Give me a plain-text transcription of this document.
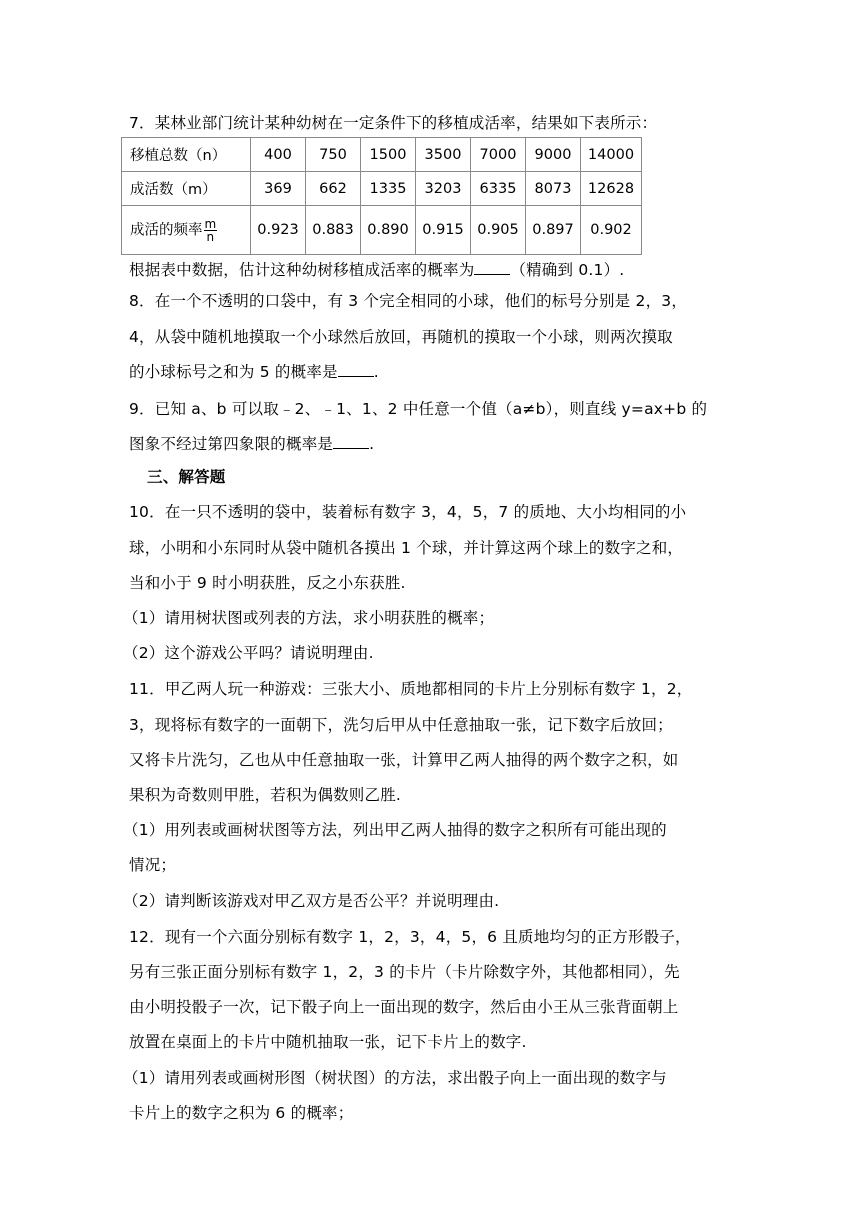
7．某林业部门统计某种幼树在一定条件下的移植成活率，结果如下表所示：
移植总数（n）	400	750	1500	3500	7000	9000	14000
成活数（m）	369	662	1335	3203	6335	8073	12628
成活的频率 $\frac{m}{n}$	0.923	0.883	0.890	0.915	0.905	0.897	0.902
根据表中数据，估计这种幼树移植成活率的概率为 （精确到 0.1）.
8．在一个不透明的口袋中，有 3 个完全相同的小球，他们的标号分别是 2，3，
4，从袋中随机地摸取一个小球然后放回，再随机的摸取一个小球，则两次摸取
的小球标号之和为 5 的概率是 .
9．已知 a、b 可以取﹣2、﹣1、1、2 中任意一个值（a≠b），则直线 y=ax+b 的
图象不经过第四象限的概率是 .
三、解答题
10．在一只不透明的袋中，装着标有数字 3，4，5，7 的质地、大小均相同的小
球，小明和小东同时从袋中随机各摸出 1 个球，并计算这两个球上的数字之和，
当和小于 9 时小明获胜，反之小东获胜.
（1）请用树状图或列表的方法，求小明获胜的概率；
（2）这个游戏公平吗？请说明理由.
11．甲乙两人玩一种游戏：三张大小、质地都相同的卡片上分别标有数字 1，2，
3，现将标有数字的一面朝下，洗匀后甲从中任意抽取一张，记下数字后放回；
又将卡片洗匀，乙也从中任意抽取一张，计算甲乙两人抽得的两个数字之积，如
果积为奇数则甲胜，若积为偶数则乙胜.
（1）用列表或画树状图等方法，列出甲乙两人抽得的数字之积所有可能出现的
情况；
（2）请判断该游戏对甲乙双方是否公平？并说明理由.
12．现有一个六面分别标有数字 1，2，3，4，5，6 且质地均匀的正方形骰子，
另有三张正面分别标有数字 1，2，3 的卡片（卡片除数字外，其他都相同），先
由小明投骰子一次，记下骰子向上一面出现的数字，然后由小王从三张背面朝上
放置在桌面上的卡片中随机抽取一张，记下卡片上的数字.
（1）请用列表或画树形图（树状图）的方法，求出骰子向上一面出现的数字与
卡片上的数字之积为 6 的概率；
